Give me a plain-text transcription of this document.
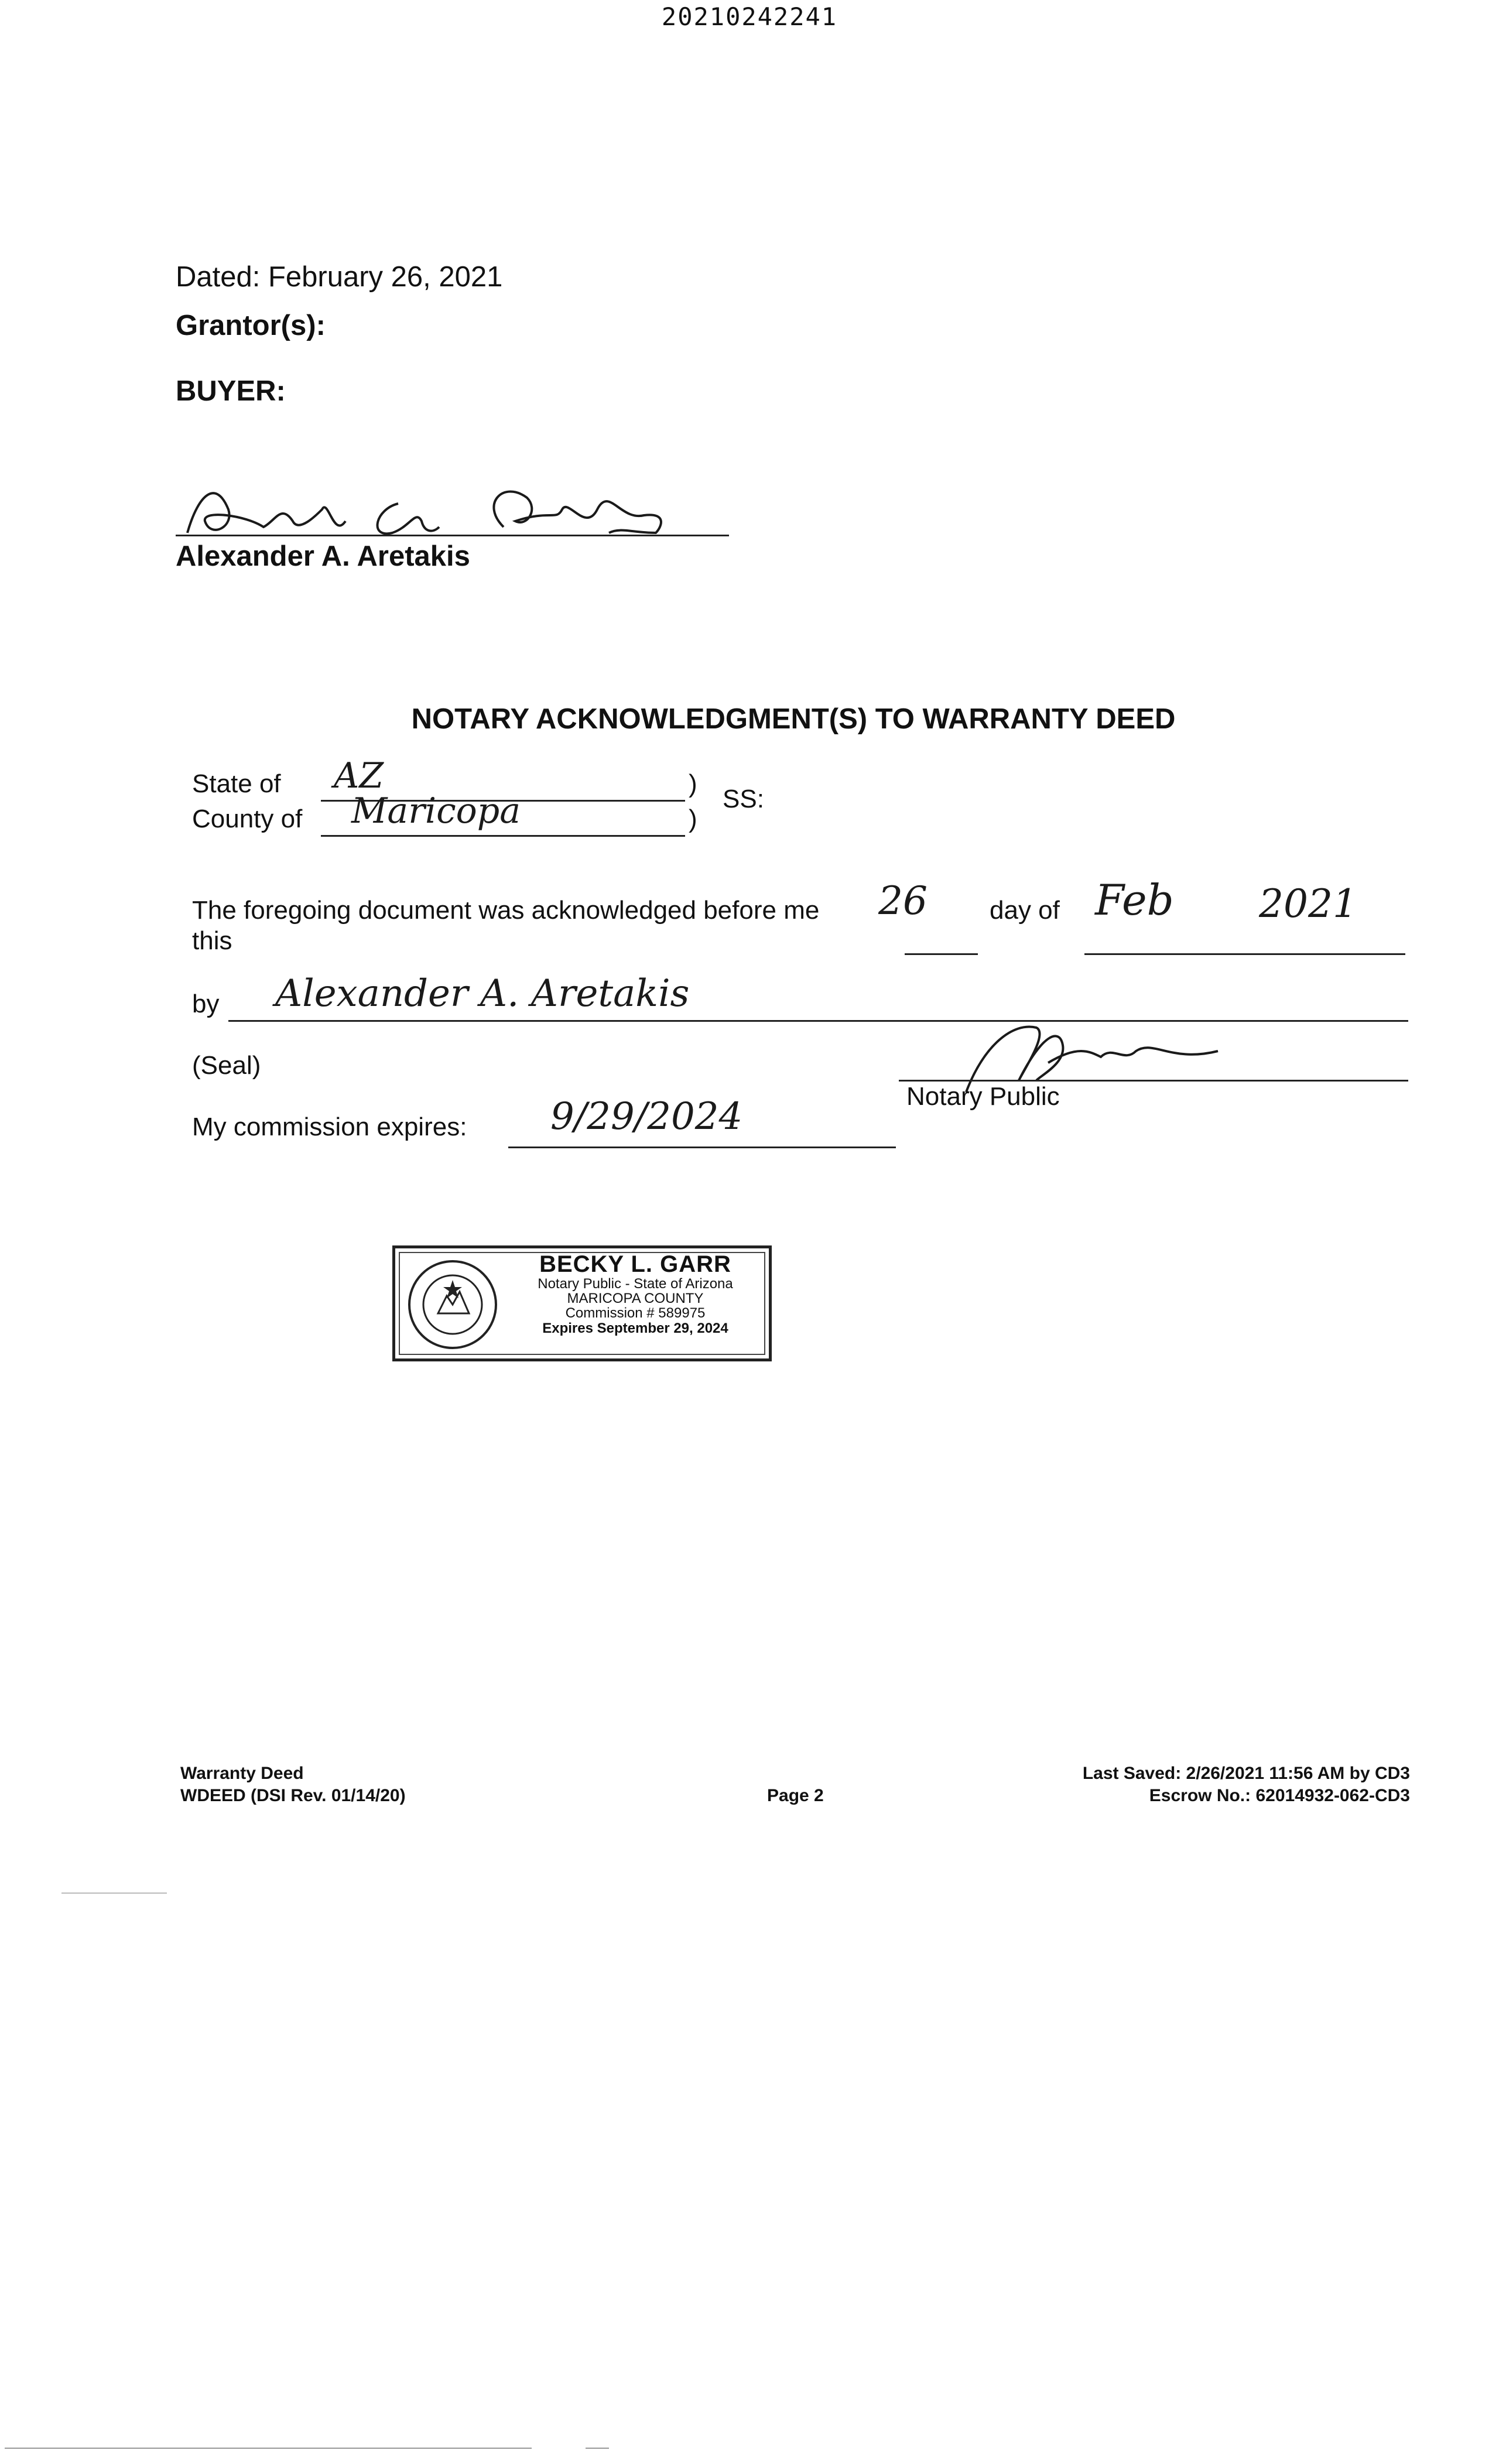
20210242241
Dated: February 26, 2021
Grantor(s):
BUYER:
Alexander A. Aretakis
NOTARY ACKNOWLEDGMENT(S) TO WARRANTY DEED
State of AZ	)
County of Maricopa	)
SS:
The foregoing document was acknowledged before me
this
26 day of Feb 2021
by Alexander A. Aretakis
(Seal)
Notary Public
My commission expires: 9/29/2024
BECKY L. GARR
Notary Public - State of Arizona
MARICOPA COUNTY
Commission # 589975
Expires September 29, 2024
Warranty Deed
WDEED (DSI Rev. 01/14/20)	Page 2
Last Saved: 2/26/2021 11:56 AM by CD3
Escrow No.: 62014932-062-CD3
